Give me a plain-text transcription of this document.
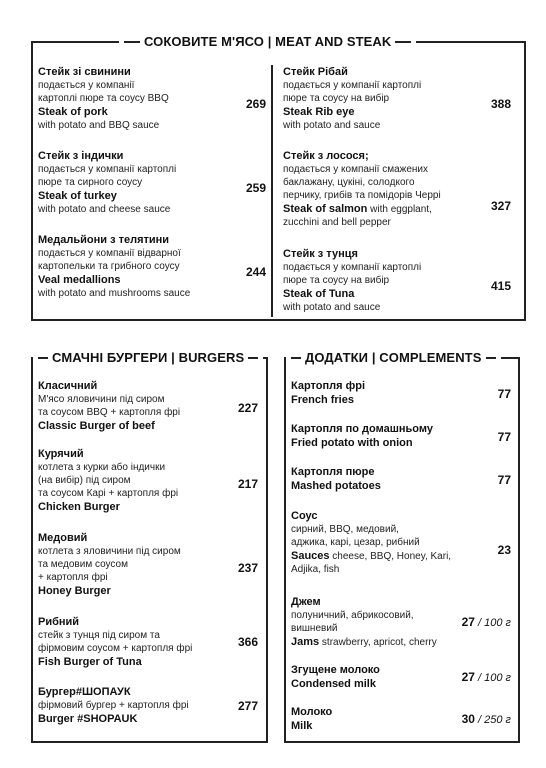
СОКОВИТЕ М'ЯСО | MEAT AND STEAK
Стейк зі свинини
подається у компанії
картоплі пюре та соусу BBQ
Steak of pork
with potato and BBQ sauce
269
Стейк з індички
подається у компанії картоплі
пюре та сирного соусу
Steak of turkey
with potato and cheese sauce
259
Медальйони з телятини
подається у компанії відварної
картопельки та грибного соусу
Veal medallions
with potato and mushrooms sauce
244
Стейк Рібай
подається у компанії картоплі
пюре та соусу на вибір
Steak Rib eye
with potato and sauce
388
Стейк з лосося;
подається у компанії смажених
баклажану, цукіні, солодкого
перчику, грибів та помідорів Черрі
Steak of salmon with eggplant,
zucchini and bell pepper
327
Стейк з тунця
подається у компанії картоплі
пюре та соусу на вибір
Steak of Tuna
with potato and sauce
415
СМАЧНІ БУРГЕРИ | BURGERS
Класичний
М'ясо яловичини під сиром
та соусом BBQ + картопля фрі
Classic Burger of beef
227
Курячий
котлета з курки або індички
(на вибір) під сиром
та соусом Карі + картопля фрі
Chicken Burger
217
Медовий
котлета з яловичини під сиром
та медовим соусом
+ картопля фрі
Honey Burger
237
Рибний
стейк з тунця під сиром та
фірмовим соусом + картопля фрі
Fish Burger of Tuna
366
Бургер#ШОПАУК
фірмовий бургер + картопля фрі
Burger #SHOPAUK
277
ДОДАТКИ | COMPLEMENTS
Картопля фрі
French fries	77
Картопля по домашньому
Fried potato with onion	77
Картопля пюре
Mashed potatoes	77
Соус
сирний, BBQ, медовий,
аджика, карі, цезар, рибний
Sauces cheese, BBQ, Honey, Kari,
Adjika, fish
23
Джем
полуничний, абрикосовий,
вишневий
Jams strawberry, apricot, cherry
27 / 100 г
Згущене молоко
Condensed milk	27 / 100 г
Молоко
Milk	30 / 250 г
